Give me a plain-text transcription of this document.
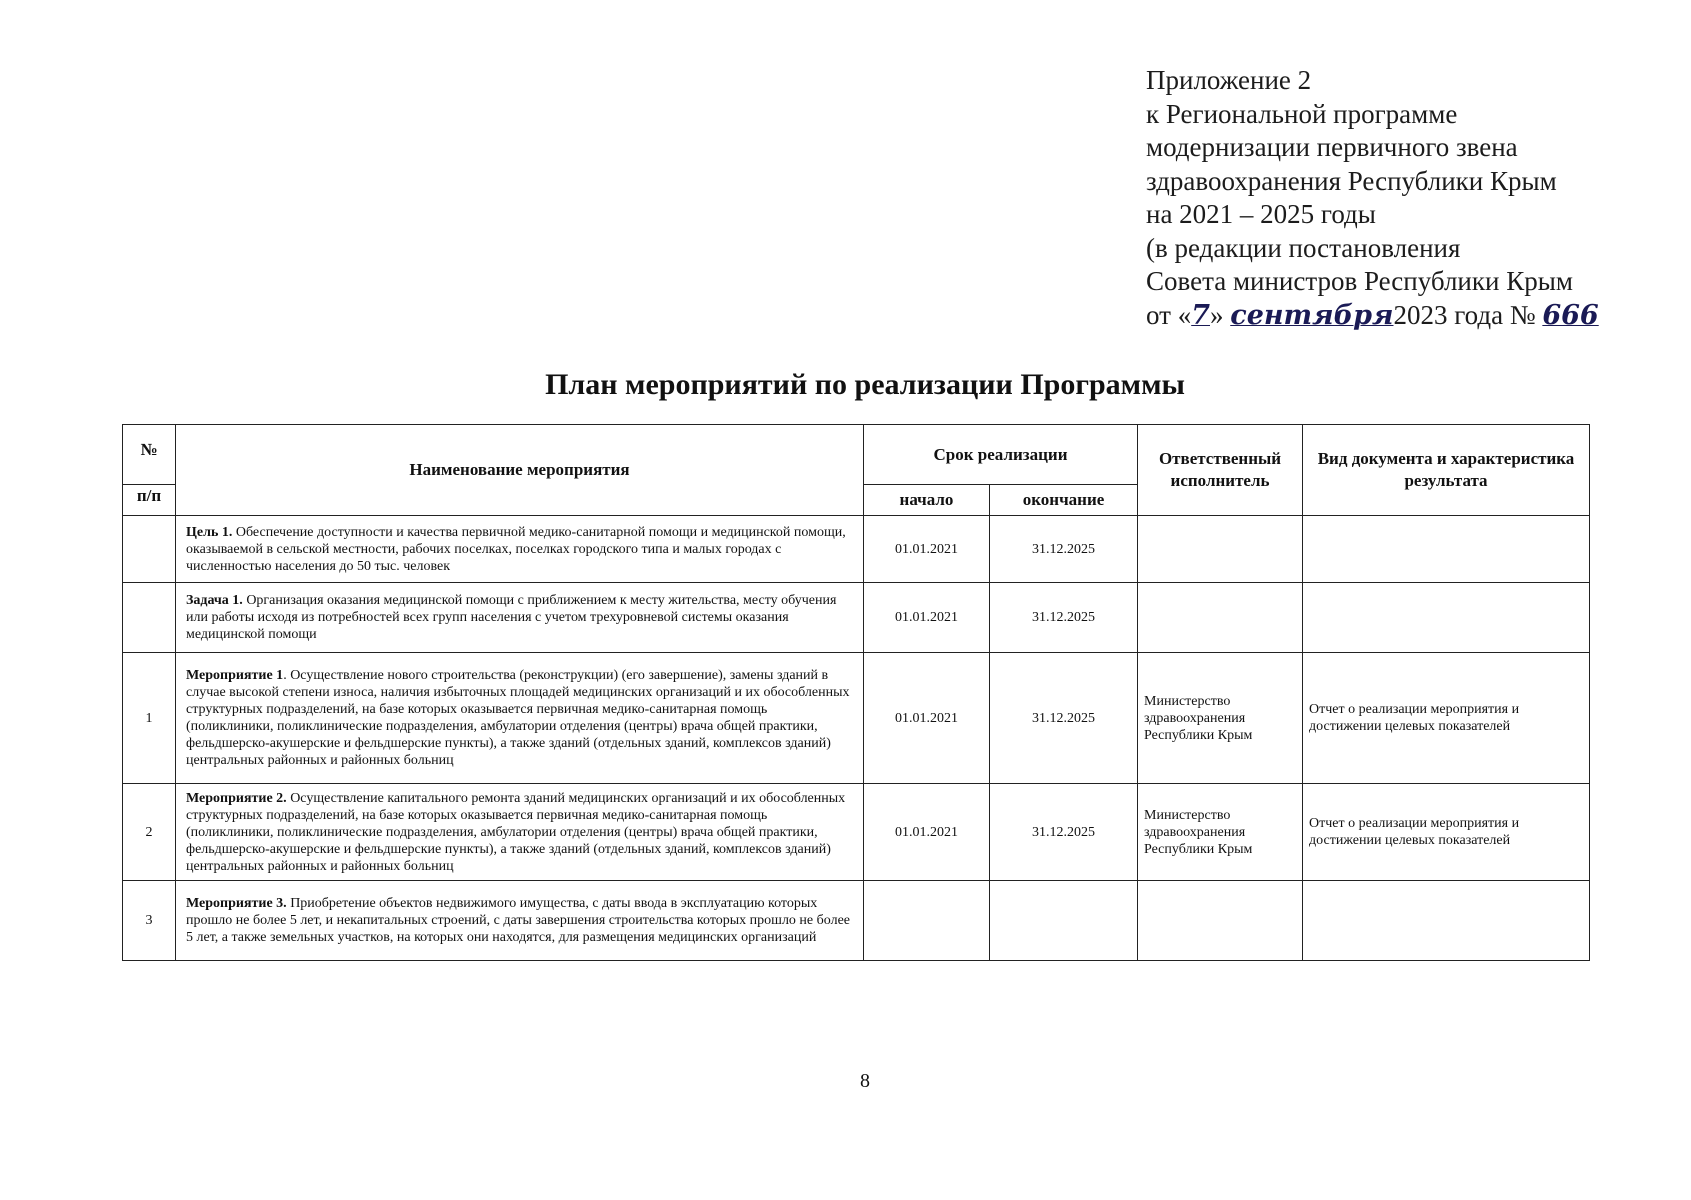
Приложение 2
к Региональной программе
модернизации первичного звена
здравоохранения Республики Крым
на 2021 – 2025 годы
(в редакции постановления
Совета министров Республики Крым
от «7» сентября2023 года № 666
План мероприятий по реализации Программы
№	Наименование мероприятия	Срок реализации		Ответственный исполнитель	Вид документа и характеристика результата
п/п		начало	окончание		
	Цель 1. Обеспечение доступности и качества первичной медико-санитарной помощи и медицинской помощи, оказываемой в сельской местности, рабочих поселках, поселках городского типа и малых городах с численностью населения до 50 тыс. человек	01.01.2021	31.12.2025		
	Задача 1. Организация оказания медицинской помощи с приближением к месту жительства, месту обучения или работы исходя из потребностей всех групп населения с учетом трехуровневой системы оказания медицинской помощи	01.01.2021	31.12.2025		
1	Мероприятие 1. Осуществление нового строительства (реконструкции) (его завершение), замены зданий в случае высокой степени износа, наличия избыточных площадей медицинских организаций и их обособленных структурных подразделений, на базе которых оказывается первичная медико-санитарная помощь (поликлиники, поликлинические подразделения, амбулатории отделения (центры) врача общей практики, фельдшерско-акушерские и фельдшерские пункты), а также зданий (отдельных зданий, комплексов зданий) центральных районных и районных больниц	01.01.2021	31.12.2025	Министерство здравоохранения Республики Крым	Отчет о реализации мероприятия и достижении целевых показателей
2	Мероприятие 2. Осуществление капитального ремонта зданий медицинских организаций и их обособленных структурных подразделений, на базе которых оказывается первичная медико-санитарная помощь (поликлиники, поликлинические подразделения, амбулатории отделения (центры) врача общей практики, фельдшерско-акушерские и фельдшерские пункты), а также зданий (отдельных зданий, комплексов зданий) центральных районных и районных больниц	01.01.2021	31.12.2025	Министерство здравоохранения Республики Крым	Отчет о реализации мероприятия и достижении целевых показателей
3	Мероприятие 3. Приобретение объектов недвижимого имущества, с даты ввода в эксплуатацию которых прошло не более 5 лет, и некапитальных строений, с даты завершения строительства которых прошло не более 5 лет, а также земельных участков, на которых они находятся, для размещения медицинских организаций				
8
